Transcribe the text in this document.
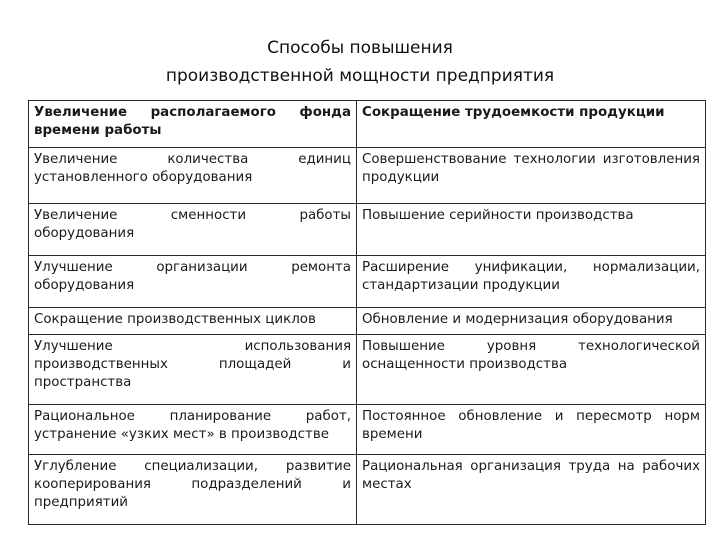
Способы повышения
производственной мощности предприятия
Увеличение располагаемого фонда времени работы	Сокращение трудоемкости продукции
Увеличение количества единиц установленного оборудования	Совершенствование технологии изготовления продукции
Увеличение сменности работы оборудования	Повышение серийности производства
Улучшение организации ремонта оборудования	Расширение унификации, нормализации, стандартизации продукции
Сокращение производственных циклов	Обновление и модернизация оборудования
Улучшение использования производственных площадей и пространства	Повышение уровня технологической оснащенности производства
Рациональное планирование работ, устранение «узких мест» в производстве	Постоянное обновление и пересмотр норм времени
Углубление специализации, развитие кооперирования подразделений и предприятий	Рациональная организация труда на рабочих местах
